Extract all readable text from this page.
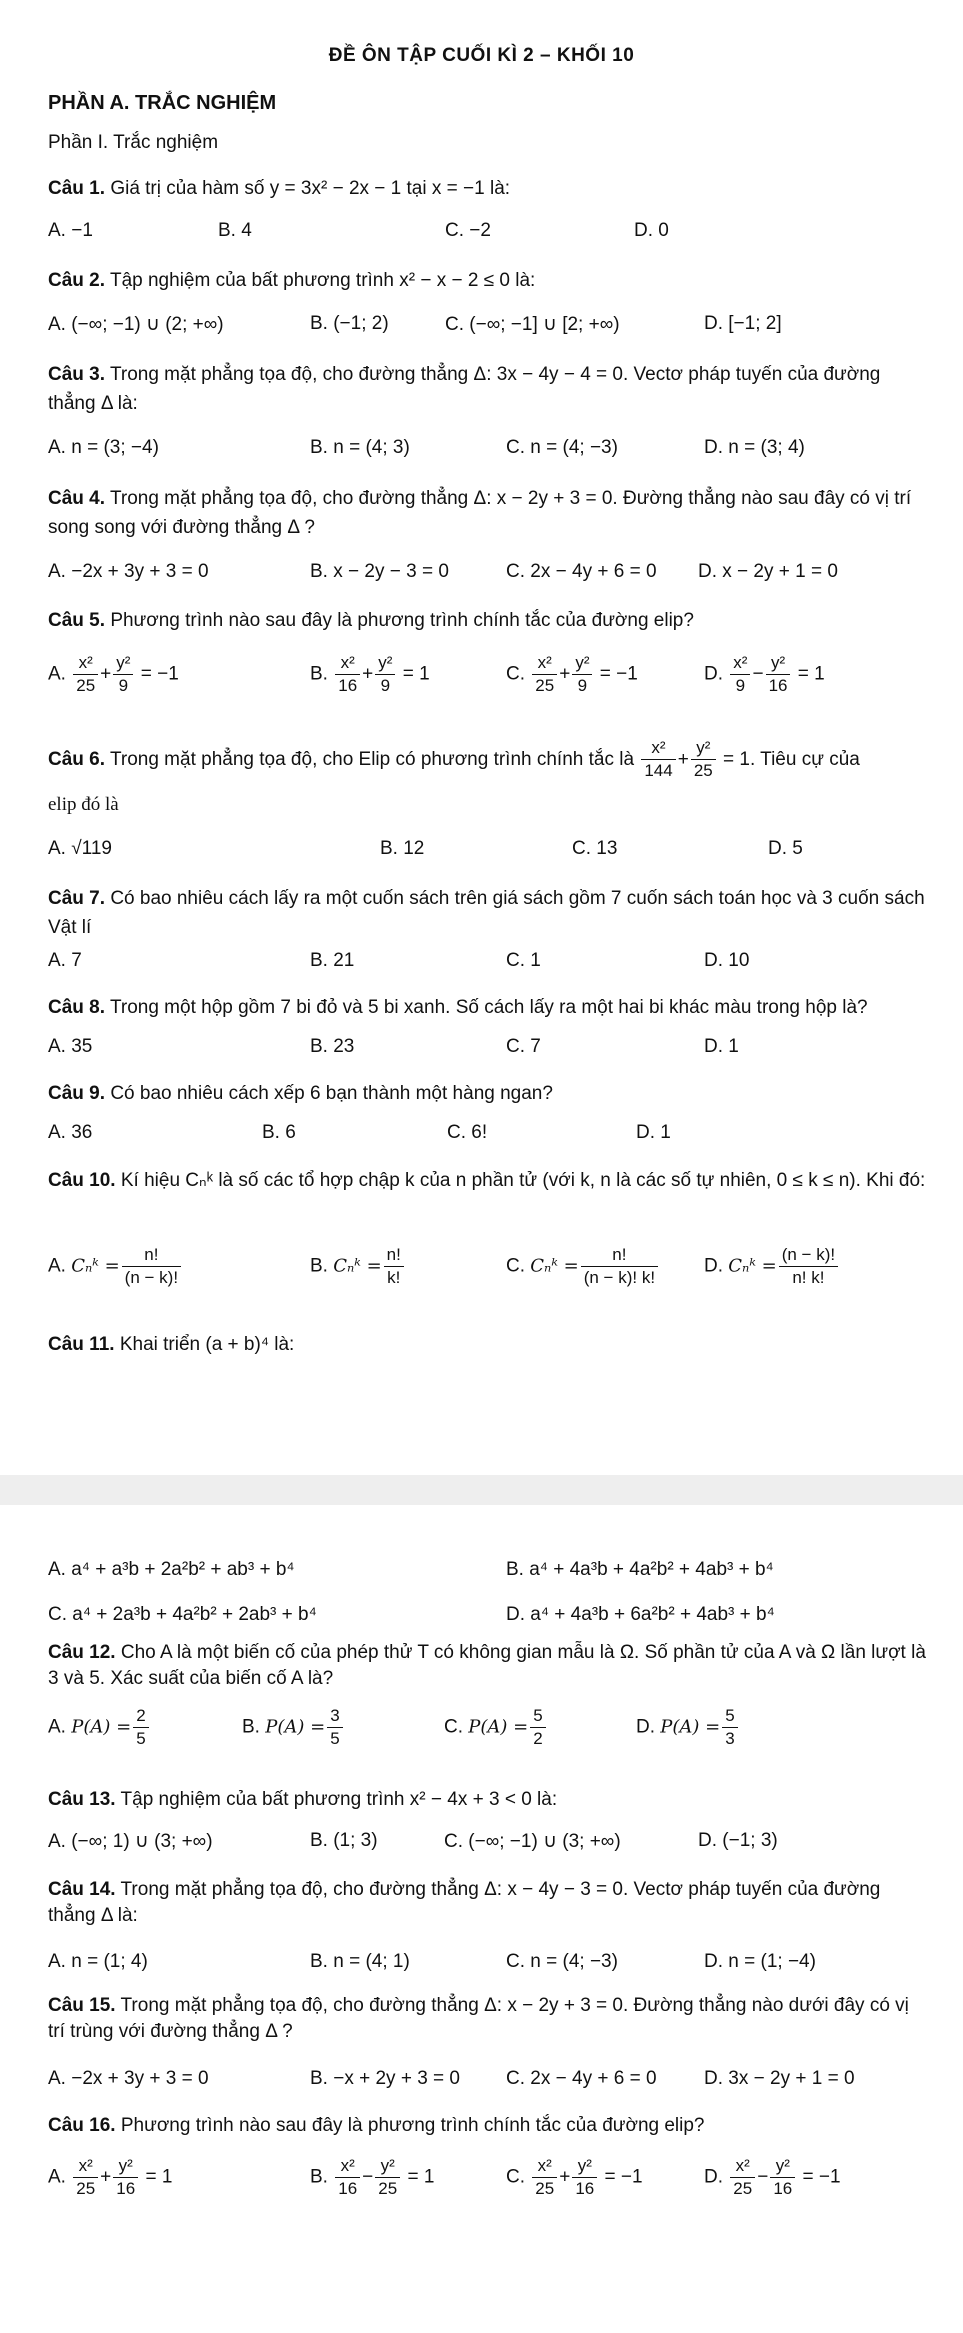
ĐỀ ÔN TẬP CUỐI KÌ 2 – KHỐI 10
PHẦN A. TRẮC NGHIỆM
Phần I. Trắc nghiệm
Câu 1. Giá trị của hàm số y = 3x² − 2x − 1 tại x = −1 là:
A. −1	B. 4	C. −2	D. 0
Câu 2. Tập nghiệm của bất phương trình x² − x − 2 ≤ 0 là:
A. (−∞; −1) ∪ (2; +∞)	B. (−1; 2)	C. (−∞; −1] ∪ [2; +∞)	D. [−1; 2]
Câu 3. Trong mặt phẳng tọa độ, cho đường thẳng Δ: 3x − 4y − 4 = 0. Vectơ pháp tuyến của đường thẳng Δ là:
A. n = (3; −4)	B. n = (4; 3)	C. n = (4; −3)	D. n = (3; 4)
Câu 4. Trong mặt phẳng tọa độ, cho đường thẳng Δ: x − 2y + 3 = 0. Đường thẳng nào sau đây có vị trí song song với đường thẳng Δ ?
A. −2x + 3y + 3 = 0	B. x − 2y − 3 = 0	C. 2x − 4y + 6 = 0 D. x − 2y + 1 = 0
Câu 5. Phương trình nào sau đây là phương trình chính tắc của đường elip?
A. $\frac{\text{x²}}{25} + \frac{\text{y²}}{9} = -1$	B. $\frac{\text{x²}}{16} + \frac{\text{y²}}{9} = 1$	C. $\frac{\text{x²}}{25} + \frac{\text{y²}}{9} = -1$	D. $\frac{\text{x²}}{9} - \frac{\text{y²}}{16} = 1$
Câu 6. Trong mặt phẳng tọa độ, cho Elip có phương trình chính tắc là $\frac{\text{x²}}{144} + \frac{\text{y²}}{25} = 1$. Tiêu cự của
elip đó là
A. √119	B. 12	C. 13	D. 5
Câu 7. Có bao nhiêu cách lấy ra một cuốn sách trên giá sách gồm 7 cuốn sách toán học và 3 cuốn sách Vật lí
A. 7	B. 21	C. 1	D. 10
Câu 8. Trong một hộp gồm 7 bi đỏ và 5 bi xanh. Số cách lấy ra một hai bi khác màu trong hộp là?
A. 35	B. 23	C. 7	D. 1
Câu 9. Có bao nhiêu cách xếp 6 bạn thành một hàng ngan?
A. 36	B. 6	C. 6!	D. 1
Câu 10. Kí hiệu Cₙᵏ là số các tổ hợp chập k của n phần tử (với k, n là các số tự nhiên, 0 ≤ k ≤ n). Khi đó:
A. Cₙᵏ = $\frac{n!}{(n - k)!}$	B. Cₙᵏ = $\frac{n!}{k!}$	C. Cₙᵏ = $\frac{n!}{(n - k)! k!} D$. Cₙᵏ = $\frac{(n - k)!}{n! k!}$
Câu 11. Khai triển (a + b)⁴ là:
A. a⁴ + a³b + 2a²b² + ab³ + b⁴	B. a⁴ + 4a³b + 4a²b² + 4ab³ + b⁴
C. a⁴ + 2a³b + 4a²b² + 2ab³ + b⁴	D. a⁴ + 4a³b + 6a²b² + 4ab³ + b⁴
Câu 12. Cho A là một biến cố của phép thử T có không gian mẫu là Ω. Số phần tử của A và Ω lần lượt là 3 và 5. Xác suất của biến cố A là?
A. $P(A) = \frac{2}{5}$	B. $P(A) = \frac{3}{5}$	C. $P(A) = \frac{5}{2}$	D. $P(A) = \frac{5}{3}$
Câu 13. Tập nghiệm của bất phương trình x² − 4x + 3 < 0 là:
A. (−∞; 1) ∪ (3; +∞)	B. (1; 3)	C. (−∞; −1) ∪ (3; +∞)	D. (−1; 3)
Câu 14. Trong mặt phẳng tọa độ, cho đường thẳng Δ: x − 4y − 3 = 0. Vectơ pháp tuyến của đường thẳng Δ là:
A. n = (1; 4)	B. n = (4; 1)	C. n = (4; −3)	D. n = (1; −4)
Câu 15. Trong mặt phẳng tọa độ, cho đường thẳng Δ: x − 2y + 3 = 0. Đường thẳng nào dưới đây có vị trí trùng với đường thẳng Δ ?
A. −2x + 3y + 3 = 0	B. −x + 2y + 3 = 0 C. 2x − 4y + 6 = 0 D. 3x − 2y + 1 = 0
Câu 16. Phương trình nào sau đây là phương trình chính tắc của đường elip?
A. $\frac{\text{x²}}{25} + \frac{\text{y²}}{16} = 1$	B. $\frac{\text{x²}}{16} - \frac{\text{y²}}{25} = 1$	C. $\frac{\text{x²}}{25} + \frac{\text{y²}}{16} = -1$	D. $\frac{\text{x²}}{25} - \frac{\text{y²}}{16} = -1$
